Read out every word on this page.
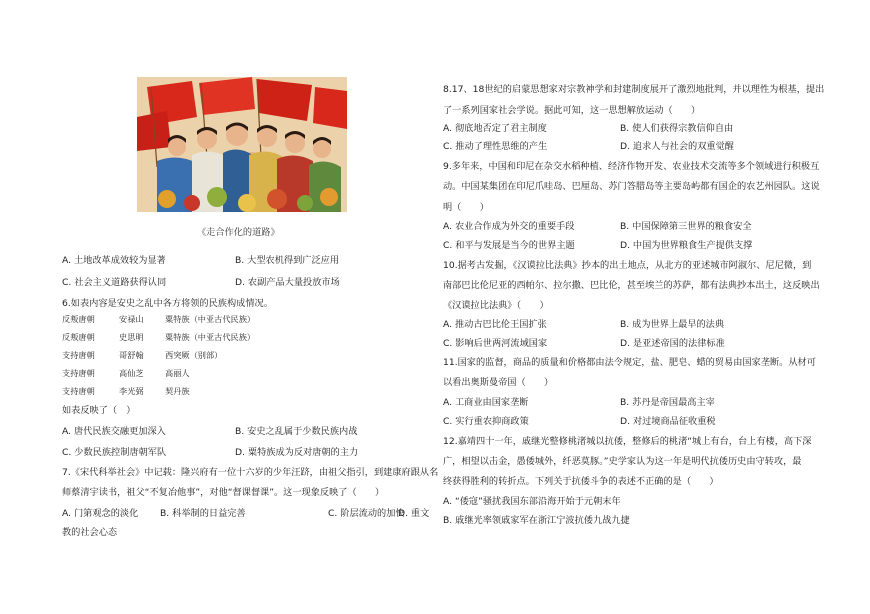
《走合作化的道路》
A. 土地改革成效较为显著	B. 大型农机得到广泛应用
C. 社会主义道路获得认同	D. 农副产品大量投放市场
6.如表内容是安史之乱中各方将领的民族构成情况。
反叛唐朝	安禄山	粟特族（中亚古代民族）
反叛唐朝	史思明	粟特族（中亚古代民族）
支持唐朝	哥舒翰	西突厥（别部）
支持唐朝	高仙芝	高丽人
支持唐朝	李光弼	契丹族
如表反映了（　）
A. 唐代民族交融更加深入	B. 安史之乱属于少数民族内战
C. 少数民族控制唐朝军队	D. 粟特族成为反对唐朝的主力
7.《宋代科举社会》中记载：隆兴府有一位十六岁的少年汪跻，由祖父指引，到建康府跟从名
师蔡清宇读书，祖父“不复冶他事”，对他“督课督课”。这一现象反映了（　　）
A. 门第观念的淡化 B. 科举制的日益完善	C. 阶层流动的加快
D. 重文
教的社会心态
8.17、18世纪的启蒙思想家对宗教神学和封建制度展开了激烈地批判，并以理性为根基，提出
了一系列国家社会学说。据此可知，这一思想解放运动（　　）
A. 彻底地否定了君主制度	B. 使人们获得宗教信仰自由
C. 推动了理性思维的产生	D. 追求人与社会的双重觉醒
9.多年来，中国和印尼在杂交水稻种植、经济作物开发、农业技术交流等多个领域进行积极互
动。中国某集团在印尼爪哇岛、巴厘岛、苏门答腊岛等主要岛屿都有国企的农艺州园队。这说
明（　　）
A. 农业合作成为外交的重要手段	B. 中国保障第三世界的粮食安全
C. 和平与发展是当今的世界主题	D. 中国为世界粮食生产提供支撑
10.据考古发掘，《汉谟拉比法典》抄本的出土地点，从北方的亚述城市阿淑尔、尼尼微，到
南部巴比伦尼亚的西帕尔、拉尔撒、巴比伦，甚至埃兰的苏萨，都有法典抄本出土，这反映出
《汉谟拉比法典》（　　）
A. 推动古巴比伦王国扩张	B. 成为世界上最早的法典
C. 影响后世两河流域国家	D. 是亚述帝国的法律标准
11.国家的监督，商品的质量和价格都由法令规定，盐、肥皂、蜡的贸易由国家垄断。从材可
以看出奥斯曼帝国（　　）
A. 工商业由国家垄断	B. 苏丹是帝国最高主宰
C. 实行重农抑商政策	D. 对过境商品征收重税
12.嘉靖四十一年，戚继光整修桃渚城以抗倭，整修后的桃渚“城上有台，台上有楼，高下深
广，相望以击金，愚倭城外，纤恶莫豚。”史学家认为这一年是明代抗倭历史由守转攻，最
终获得胜利的转折点。下列关于抗倭斗争的表述不正确的是（　　）
A. “倭寇”骚扰我国东部沿海开始于元朝末年
B. 戚继光率领戚家军在浙江宁波抗倭九战九捷
